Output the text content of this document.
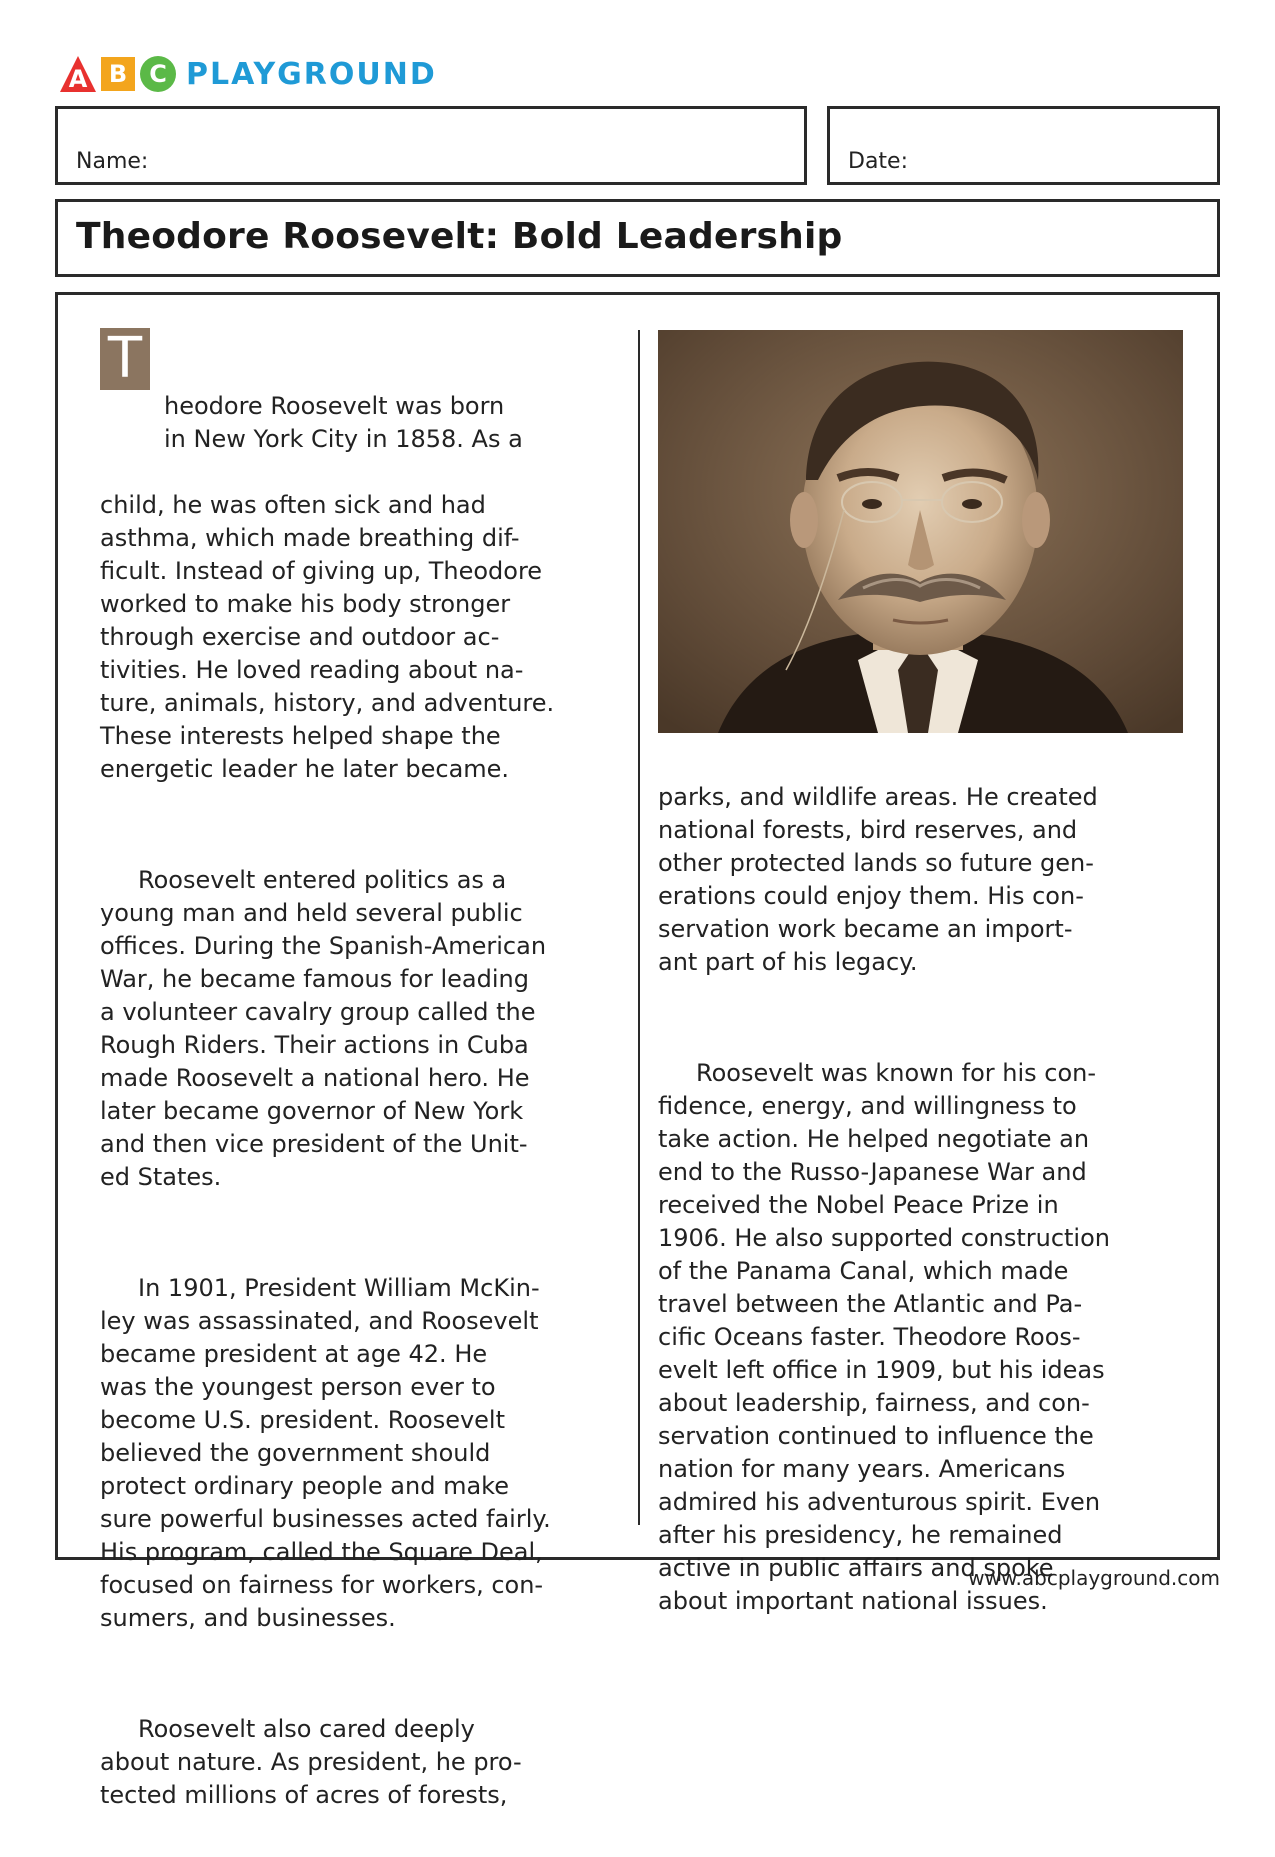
A B C PLAYGROUND
Name:	Date:
Theodore Roosevelt: Bold Leadership

T

heodore Roosevelt was born
in New York City in 1858. As a

child, he was often sick and had
asthma, which made breathing dif-
ficult. Instead of giving up, Theodore
worked to make his body stronger
through exercise and outdoor ac-
tivities. He loved reading about na-
ture, animals, history, and adventure.
These interests helped shape the
energetic leader he later became.

Roosevelt entered politics as a
young man and held several public
offices. During the Spanish-American
War, he became famous for leading
a volunteer cavalry group called the
Rough Riders. Their actions in Cuba
made Roosevelt a national hero. He
later became governor of New York
and then vice president of the Unit-
ed States.

In 1901, President William McKin-
ley was assassinated, and Roosevelt
became president at age 42. He
was the youngest person ever to
become U.S. president. Roosevelt
believed the government should
protect ordinary people and make
sure powerful businesses acted fairly.
His program, called the Square Deal,
focused on fairness for workers, con-
sumers, and businesses.

Roosevelt also cared deeply
about nature. As president, he pro-
tected millions of acres of forests,

parks, and wildlife areas. He created
national forests, bird reserves, and
other protected lands so future gen-
erations could enjoy them. His con-
servation work became an import-
ant part of his legacy.

Roosevelt was known for his con-
fidence, energy, and willingness to
take action. He helped negotiate an
end to the Russo-Japanese War and
received the Nobel Peace Prize in
1906. He also supported construction
of the Panama Canal, which made
travel between the Atlantic and Pa-
cific Oceans faster. Theodore Roos-
evelt left office in 1909, but his ideas
about leadership, fairness, and con-
servation continued to influence the
nation for many years. Americans
admired his adventurous spirit. Even
after his presidency, he remained
active in public affairs and spoke
about important national issues.

www.abcplayground.com
